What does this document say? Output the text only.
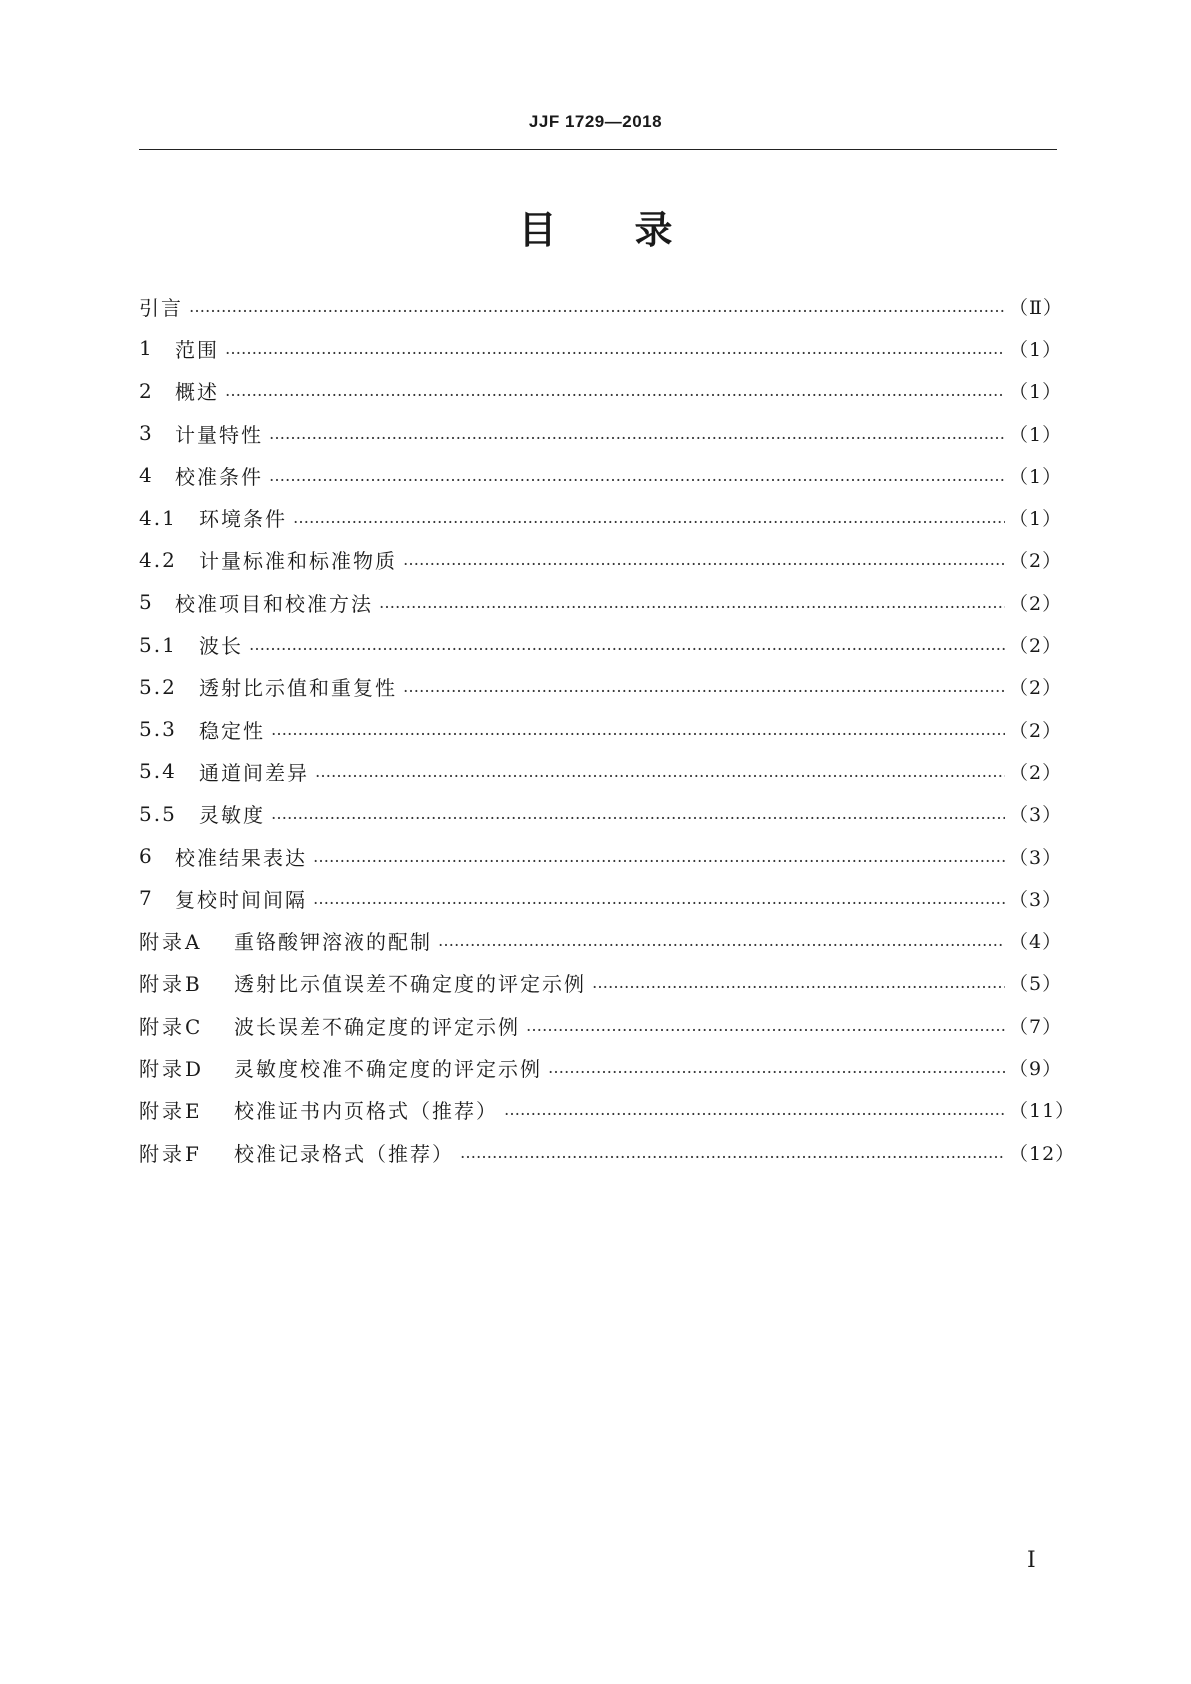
JJF 1729—2018
目 录
引言 …………………………………………………………………………………………………………………………………………………………………………………………………………	（Ⅱ）
1	范围 …………………………………………………………………………………………………………………………………………………………………………………………………………	（1）
2	概述 …………………………………………………………………………………………………………………………………………………………………………………………………………	（1）
3	计量特性 …………………………………………………………………………………………………………………………………………………………………………………………………………	（1）
4	校准条件 …………………………………………………………………………………………………………………………………………………………………………………………………………	（1）
4.1	环境条件 …………………………………………………………………………………………………………………………………………………………………………………………………………	（1）
4.2	计量标准和标准物质 …………………………………………………………………………………………………………………………………………………………………………………………………………	（2）
5	校准项目和校准方法 …………………………………………………………………………………………………………………………………………………………………………………………………………	（2）
5.1	波长 …………………………………………………………………………………………………………………………………………………………………………………………………………	（2）
5.2	透射比示值和重复性 …………………………………………………………………………………………………………………………………………………………………………………………………………	（2）
5.3	稳定性 …………………………………………………………………………………………………………………………………………………………………………………………………………	（2）
5.4	通道间差异 …………………………………………………………………………………………………………………………………………………………………………………………………………	（2）
5.5	灵敏度 …………………………………………………………………………………………………………………………………………………………………………………………………………	（3）
6	校准结果表达 …………………………………………………………………………………………………………………………………………………………………………………………………………	（3）
7	复校时间间隔 …………………………………………………………………………………………………………………………………………………………………………………………………………	（3）
附录A	重铬酸钾溶液的配制 …………………………………………………………………………………………………………………………………………………………………………………………………………	（4）
附录B	透射比示值误差不确定度的评定示例 …………………………………………………………………………………………………………………………………………………………………………………………………………	（5）
附录C	波长误差不确定度的评定示例 …………………………………………………………………………………………………………………………………………………………………………………………………………	（7）
附录D	灵敏度校准不确定度的评定示例 …………………………………………………………………………………………………………………………………………………………………………………………………………	（9）
附录E	校准证书内页格式（推荐） …………………………………………………………………………………………………………………………………………………………………………………………………………	（11）
附录F	校准记录格式（推荐） …………………………………………………………………………………………………………………………………………………………………………………………………………	（12）
Ⅰ
